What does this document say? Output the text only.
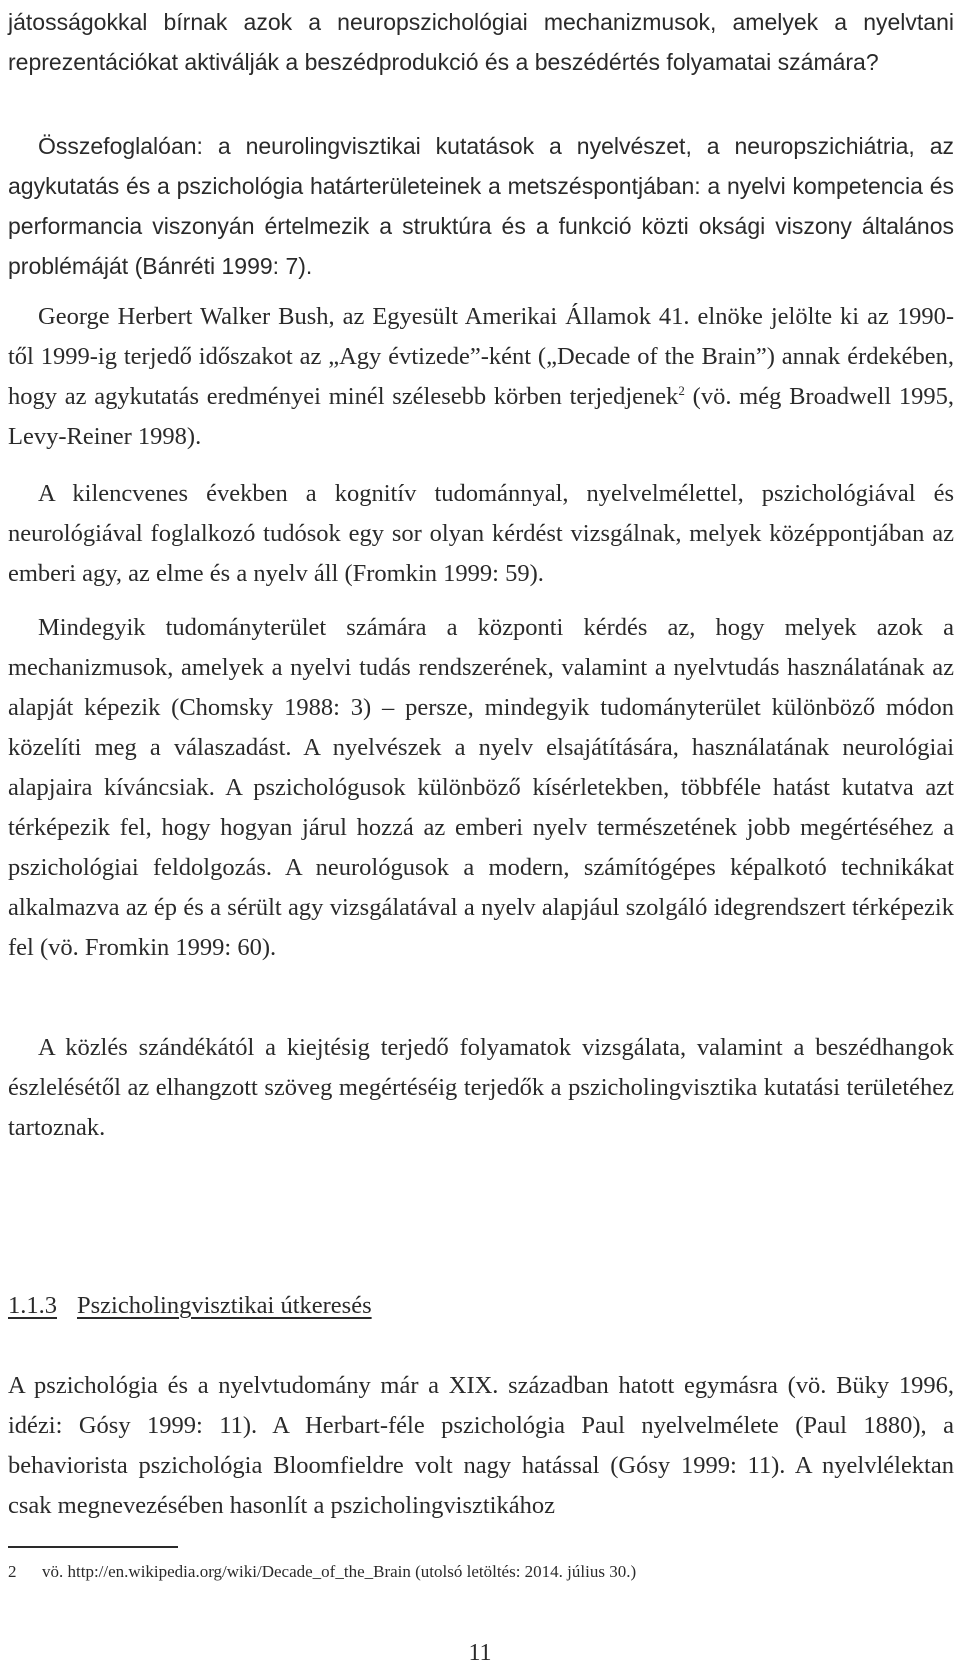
játosságokkal bírnak azok a neuropszichológiai mechanizmusok, amelyek a nyelvtani reprezentációkat aktiválják a beszédprodukció és a beszédértés folyamatai számára?

Összefoglalóan: a neurolingvisztikai kutatások a nyelvészet, a neuropszichiátria, az agykutatás és a pszichológia határterületeinek a metszéspontjában: a nyelvi kompetencia és performancia viszonyán értelmezik a struktúra és a funkció közti oksági viszony általános problémáját (Bánréti 1999: 7).

George Herbert Walker Bush, az Egyesült Amerikai Államok 41. elnöke jelölte ki az 1990-től 1999-ig terjedő időszakot az „Agy évtizede”-ként („Decade of the Brain”) annak érdekében, hogy az agykutatás eredményei minél szélesebb körben terjedjenek$^2$ (vö. még Broadwell 1995, Levy-Reiner 1998).

A kilencvenes években a kognitív tudománnyal, nyelvelmélettel, pszichológiával és neurológiával foglalkozó tudósok egy sor olyan kérdést vizsgálnak, melyek középpontjában az emberi agy, az elme és a nyelv áll (Fromkin 1999: 59).

Mindegyik tudományterület számára a központi kérdés az, hogy melyek azok a mechanizmusok, amelyek a nyelvi tudás rendszerének, valamint a nyelvtudás használatának az alapját képezik (Chomsky 1988: 3) – persze, mindegyik tudományterület különböző módon közelíti meg a válaszadást. A nyelvészek a nyelv elsajátítására, használatának neurológiai alapjaira kíváncsiak. A pszichológusok különböző kísérletekben, többféle hatást kutatva azt térképezik fel, hogy hogyan járul hozzá az emberi nyelv természetének jobb megértéséhez a pszichológiai feldolgozás. A neurológusok a modern, számítógépes képalkotó technikákat alkalmazva az ép és a sérült agy vizsgálatával a nyelv alapjául szolgáló idegrendszert térképezik fel (vö. Fromkin 1999: 60).

A közlés szándékától a kiejtésig terjedő folyamatok vizsgálata, valamint a beszédhangok észlelésétől az elhangzott szöveg megértéséig terjedők a pszicholingvisztika kutatási területéhez tartoznak.

1.1.3 Pszicholingvisztikai útkeresés

A pszichológia és a nyelvtudomány már a XIX. században hatott egymásra (vö. Büky 1996, idézi: Gósy 1999: 11). A Herbart-féle pszichológia Paul nyelvelmélete (Paul 1880), a behaviorista pszichológia Bloomfieldre volt nagy hatással (Gósy 1999: 11). A nyelvlélektan csak megnevezésében hasonlít a pszicholingvisztikához

2 vö. http://en.wikipedia.org/wiki/Decade_of_the_Brain (utolsó letöltés: 2014. július 30.)

11
